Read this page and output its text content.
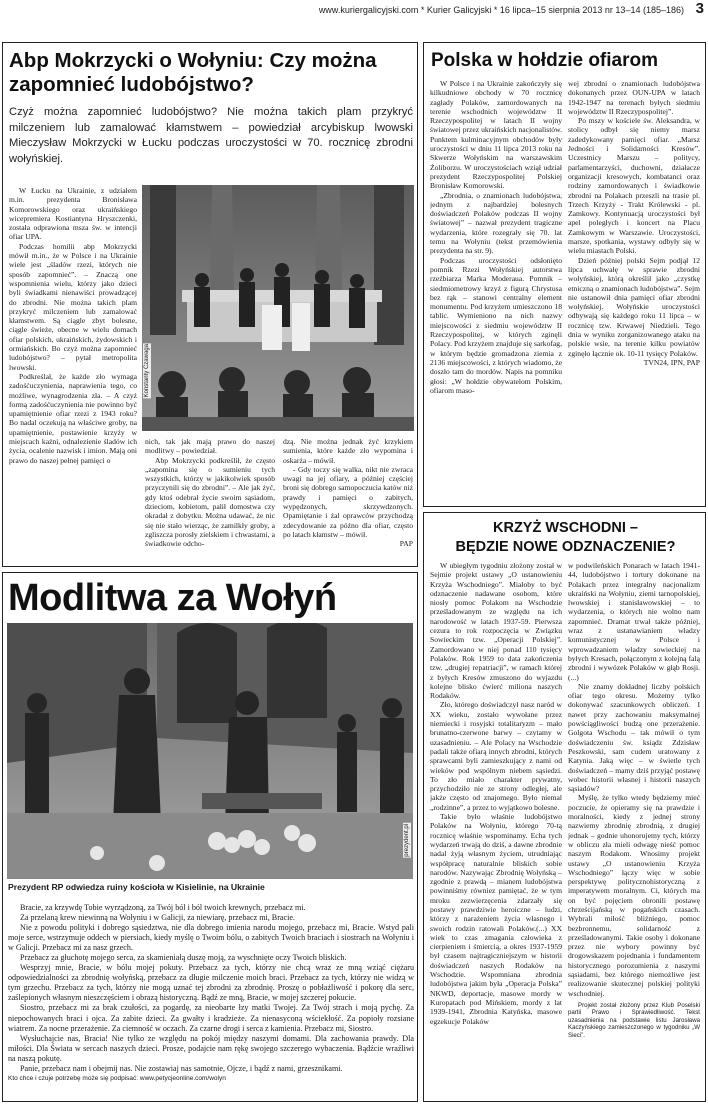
www.kuriergalicyjski.com * Kurier Galicyjski * 16 lipca–15 sierpnia 2013 nr 13–14 (185–186) 3
Abp Mokrzycki o Wołyniu: Czy można
zapomnieć ludobójstwo?
Czyż można zapomnieć ludobójstwo? Nie można takich plam przykryć milczeniem lub zamalować kłamstwem – powiedział arcybiskup lwowski Mieczysław Mokrzycki w Łucku podczas uroczystości w 70. rocznicę zbrodni wołyńskiej.
Konstanty Czawaga

W Łucku na Ukrainie, z udziałem m.in. prezydenta Bronisława Komorowskiego oraz ukraińskiego wicepremiera Kostiantyna Hryszczenki, została odprawiona msza św. w intencji ofiar UPA.

Podczas homilii abp Mokrzycki mówił m.in., że w Polsce i na Ukrainie wiele jest „śladów rzezi, których nie sposób zapomnieć”. – Znaczą one wspomnienia wielu, którzy jako dzieci byli świadkami nienawiści prowadzącej do zbrodni. Nie można takich plam przykryć milczeniem lub zamalować kłamstwem. Są ciągle zbyt bolesne, ciągle świeże, obecne w wielu domach ofiar polskich, ukraińskich, żydowskich i ormiańskich. Bo czyż można zapomnieć ludobójstwo? – pytał metropolita lwowski.

Podkreślał, że każde zło wymaga zadośćuczynienia, naprawienia tego, co możliwe, wynagrodzenia zła. – A czyż formą zadośćuczynienia nie powinno być upamiętnienie ofiar rzezi z 1943 roku? Bo nadal oczekują na właściwe groby, na upamiętnienie, postawienie krzyży w miejscach kaźni, odnalezienie śladów ich życia, ocalenie nazwisk i imion. Mają oni prawo do naszej pełnej pamięci o

nich, tak jak mają prawo do naszej modlitwy – powiedział.

Abp Mokrzycki podkreślił, że często „zapomina się o sumieniu tych wszystkich, którzy w jakikolwiek sposób przyczynili się do zbrodni”. – Ale jak żyć, gdy ktoś odebrał życie swoim sąsiadom, dzieciom, kobietom, palił domostwa czy okradał z dobytku. Można udawać, że nic się nie stało wierząc, że zamilkły groby, a zgliszcza porosły zielskiem i chwastami, a świadkowie odcho-

dzą. Nie można jednak żyć krzykiem sumienia, które każde zło wypomina i oskarża – mówił.

- Gdy toczy się walka, nikt nie zwraca uwagi na jej ofiary, a później częściej broni się dobrego samopoczucia katów niż prawdy i pamięci o zabitych, wypędzonych, skrzywdzonych. Opamiętanie i żal oprawców przychodzą zdecydowanie za późno dla ofiar, często po latach kłamstw – mówił.

PAP

Polska w hołdzie ofiarom

W Polsce i na Ukrainie zakończyły się kilkudniowe obchody w 70 rocznicę zagłady Polaków, zamordowanych na terenie wschodnich województw II Rzeczypospolitej w latach II wojny światowej przez ukraińskich nacjonalistów. Punktem kulminacyjnym obchodów były uroczystości w dniu 11 lipca 2013 roku na Skwerze Wołyńskim na warszawskim Żoliborzu. W uroczystościach wziął udział prezydent Rzeczypospolitej Polskiej Bronisław Komorowski.

„Zbrodnia, o znamionach ludobójstwa, jednym z najbardziej bolesnych doświadczeń Polaków podczas II wojny światowej” – nazwał prezydent tragiczne wydarzenia, które rozegrały się 70. lat temu na Wołyniu (tekst przemówienia prezydenta na str. 9).

Podczas uroczystości odsłonięto pomnik Rzezi Wołyńskiej autorstwa rzeźbiarza Marka Moderaua. Pomnik – siedmiometrowy krzyż z figurą Chrystusa bez rąk – stanowi centralny element monumentu. Pod krzyżem umieszczono 18 tablic. Wymieniono na nich nazwy miejscowości z siedmiu województw II Rzeczypospolitej, w których zginęli Polacy. Pod krzyżem znajduje się sarkofag, w którym będzie gromadzona ziemia z 2136 miejscowości, z których wiadomo, że doszło tam do mordów. Napis na pomniku głosi: „W hołdzie obywatelom Polskim, ofiarom maso-

wej zbrodni o znamionach ludobójstwa dokonanych przez OUN-UPA w latach 1942-1947 na terenach byłych siedmiu województw II Rzeczypospolitej”.

Po mszy w kościele św. Aleksandra, w stolicy odbył się niemy marsz zadedykowany pamięci ofiar. „Marsz Jedności i Solidarności Kresów”. Uczestnicy Marszu – politycy, parlamentarzyści, duchowni, działacze organizacji kresowych, kombatanci oraz rodziny zamordowanych i świadkowie zbrodni na Polakach przeszli na trasie pl. Trzech Krzyży - Trakt Królewski - pl. Zamkowy. Kontynuacją uroczystości był apel poległych i koncert na Placu Zamkowym w Warszawie. Uroczystości, marsze, spotkania, wystawy odbyły się w wielu miastach Polski.

Dzień później polski Sejm podjął 12 lipca uchwałę w sprawie zbrodni wołyńskiej, którą określił jako „czystkę etniczną o znamionach ludobójstwa”. Sejm nie ustanowił dnia pamięci ofiar zbrodni wołyńskiej. Wołyńskie uroczystości odbywają się każdego roku 11 lipca – w rocznicę tzw. Krwawej Niedzieli. Tego dnia w wyniku zorganizowanego ataku na polskie wsie, na terenie kilku powiatów zginęło łącznie ok. 10-11 tysięcy Polaków.

TVN24, IPN, PAP

KRZYŻ WSCHODNI –
BĘDZIE NOWE ODZNACZENIE?

W ubiegłym tygodniu złożony został w Sejmie projekt ustawy „O ustanowieniu Krzyża Wschodniego”. Miałoby to być odznaczenie nadawane osobom, które niosły pomoc Polakom na Wschodzie prześladowanym ze względu na ich narodowość w latach 1937-59. Pierwsza cezura to rok rozpoczęcia w Związku Sowieckim tzw. „Operacji Polskiej”. Zamordowano w niej ponad 110 tysięcy Polaków. Rok 1959 to data zakończenia tzw. „drugiej repatriacji”, w ramach której z byłych Kresów zmuszono do wyjazdu kolejne blisko ćwierć miliona naszych Rodaków.

Zło, którego doświadczył nasz naród w XX wieku, zostało wywołane przez niemiecki i rosyjski totalitaryzm – mało brunatno-czerwone barwy – czytamy w uzasadnieniu. – Ale Polacy na Wschodzie padali także ofiarą innych zbrodni, których sprawcami byli zamieszkujący z nami od wieków pod wspólnym niebem sąsiedzi. To zło miało charakter prywatny, przychodziło nie ze strony odległej, ale jakże często od znajomego. Było niemal „rodzinne”, a przez to wyjątkowo bolesne.

Takie było właśnie ludobójstwo Polaków na Wołyniu, którego 70-tą rocznicę właśnie wspominamy. Echa tych wydarzeń trwają do dziś, a dawne zbrodnie nadal żyją własnym życiem, utrudniając współpracę naturalnie bliskich sobie narodów. Nazywając Zbrodnię Wołyńską – zgodnie z prawdą – mianem ludobójstwa powinniśmy równiez pamiętać, że w tym mroku zezwierzęcenia zdarzały się postawy prawdziwie heroiczne – ludzi, którzy z narażeniem życia własnego i swoich rodzin ratowali Polaków.(...) XX wiek to czas zmagania człowieka z cierpieniem i śmiercią, a okres 1937-1959 był czasem najtragiczniejszym w historii doświadczeń naszych Rodaków na Wschodzie. Wspomniana zbrodnia ludobójstwa jakim była „Operacja Polska” NKWD, deportacje, masowe mordy w Kuropatach pod Mińskiem, mordy z lat 1939-1941, Zbrodnia Katyńska, masowe egzekucje Polaków

w podwileńskich Ponarach w latach 1941-44, ludobójstwo i tortury dokonane na Polakach przez integralny nacjonalizm ukraiński na Wołyniu, ziemi tarnopolskiej, lwowskiej i stanisławowskiej – to wydarzenia, o których nie wolno nam zapomnieć. Dramat trwał także później, wraz z ustanawianiem władzy komunistycznej w Polsce i wprowadzaniem władzy sowieckiej na byłych Kresach, połączonym z kolejną falą zbrodni i wywózek Polaków w głąb Rosji. (...)

Nie znamy dokładnej liczby polskich ofiar tego okresu. Możemy tylko dokonywać szacunkowych obliczeń. I nawet przy zachowaniu maksymalnej powściągliwości budzą one przerażenie. Golgota Wschodu – tak mówił o tym doświadczeniu św. ksiądz Zdzisław Peszkowski, sam cudem uratowany z Katynia. Jaką więc – w świetle tych doświadczeń – mamy dziś przyjąć postawę wobec historii własnej i historii naszych sąsiadów?

Myślę, że tylko wtedy będziemy mieć poczucie, że opieramy się na prawdzie i moralności, kiedy z jednej strony nazwiemy zbrodnię zbrodnią, z drugiej jednak – godnie uhonorujemy tych, którzy w obliczu zła mieli odwagę nieść pomoc naszym Rodakom. Wnosimy projekt ustawy „O ustanowieniu Krzyża Wschodniego” łączy więc w sobie perspektywę politycznohistoryczną z imperatywem moralnym. Ci, których ma on być pojęciem obronili postawę chrześcijańską w pogańskich czasach. Wybrali miłość bliźniego, pomoc bezbronnemu, solidarność z prześladowanymi. Takie osoby i dokonane przez nie wybory powinny być drogowskazem pojednania i fundamentem historycznego porozumienia z naszymi sąsiadami, bez którego niemożliwe jest realizowanie skutecznej polskiej polityki wschodniej.

Projekt został złożony przez Klub Poselski partii Prawo i Sprawiedliwość. Tekst uzasadnienia na podstawie listu Jarosława Kaczyńskiego zamieszczonego w tygodniku „W Sieci”.

Modlitwa za Wołyń
prezydent.pl
Prezydent RP odwiedza ruiny kościoła w Kisielinie, na Ukrainie

Bracie, za krzywdę Tobie wyrządzoną, za Twój ból i ból twoich krewnych, przebacz mi.

Za przelaną krew niewinną na Wołyniu i w Galicji, za niewiarę, przebacz mi, Bracie.

Nie z powodu polityki i dobrego sąsiedztwa, nie dla dobrego imienia narodu mojego, przebacz mi, Bracie. Wstyd pali moje serce, wstrzymuje oddech w piersiach, kiedy myślę o Twoim bólu, o zabitych Twoich braciach i siostrach na Wołyniu i w Galicji. Przebacz mi za nasz grzech.

Przebacz za głuchotę mojego serca, za skamieniałą duszę moją, za wyschnięte oczy Twoich bliskich.

Wesprzyj mnie, Bracie, w bólu mojej pokuty. Przebacz za tych, którzy nie chcą wraz ze mną wziąć ciężaru odpowiedzialności za zbrodnię wołyńską, przebacz za długie milczenie moich braci. Przebacz za tych, którzy nie widzą w tym grzechu. Przebacz za tych, którzy nie mogą uznać tej zbrodni za zbrodnię. Proszę o pobłażliwość i pokorę dla serc, zaślepionych własnym nieszczęściem i obrazą historyczną. Bądź ze mną, Bracie, w mojej szczerej pokucie.

Siostro, przebacz mi za brak czułości, za pogardę, za nieobarte łzy matki Twojej. Za Twój strach i moją pychę. Za niepochowanych braci i ojca. Za zabite dzieci. Za gwałty i kradzieże. Za nienasyconą wściekłość. Za popioły rozsiane wiatrem. Za nocne przerażenie. Za ciemność w oczach. Za czarne drogi i serca z kamienia. Przebacz mi, Siostro.

Wysłuchajcie nas, Bracia! Nie tylko ze względu na pokój między naszymi domami. Dla zachowania prawdy. Dla miłości. Dla Świata w sercach naszych dzieci. Prosze, podajcie nam rękę swojego szczerego wybaczenia. Bądźcie wraźliwi na naszą pokutę.

Panie, przebacz nam i obejmij nas. Nie zostawiaj nas samotnie, Ojcze, i bądź z nami, grzesznikami.

Kto chce i czuje potrzebę może się podpisać: www.petycjeonline.com/wolyn
